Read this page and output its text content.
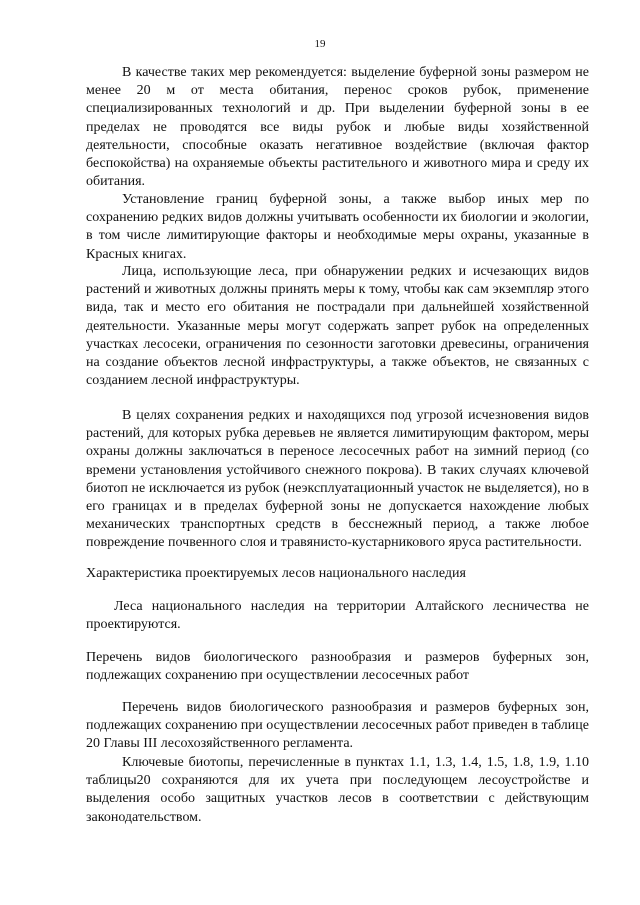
19

В качестве таких мер рекомендуется: выделение буферной зоны размером не менее 20 м от места обитания, перенос сроков рубок, применение специализированных технологий и др. При выделении буферной зоны в ее пределах не проводятся все виды рубок и любые виды хозяйственной деятельности, способные оказать негативное воздействие (включая фактор беспокойства) на охраняемые объекты растительного и животного мира и среду их обитания.

Установление границ буферной зоны, а также выбор иных мер по сохранению редких видов должны учитывать особенности их биологии и экологии, в том числе лимитирующие факторы и необходимые меры охраны, указанные в Красных книгах.

Лица, использующие леса, при обнаружении редких и исчезающих видов растений и животных должны принять меры к тому, чтобы как сам экземпляр этого вида, так и место его обитания не пострадали при дальнейшей хозяйственной деятельности. Указанные меры могут содержать запрет рубок на определенных участках лесосеки, ограничения по сезонности заготовки древесины, ограничения на создание объектов лесной инфраструктуры, а также объектов, не связанных с созданием лесной инфраструктуры.

В целях сохранения редких и находящихся под угрозой исчезновения видов растений, для которых рубка деревьев не является лимитирующим фактором, меры охраны должны заключаться в переносе лесосечных работ на зимний период (со времени установления устойчивого снежного покрова). В таких случаях ключевой биотоп не исключается из рубок (неэксплуатационный участок не выделяется), но в его границах и в пределах буферной зоны не допускается нахождение любых механических транспортных средств в бесснежный период, а также любое повреждение почвенного слоя и травянисто-кустарникового яруса растительности.

Характеристика проектируемых лесов национального наследия

Леса национального наследия на территории Алтайского лесничества не проектируются.

Перечень видов биологического разнообразия и размеров буферных зон, подлежащих сохранению при осуществлении лесосечных работ

Перечень видов биологического разнообразия и размеров буферных зон, подлежащих сохранению при осуществлении лесосечных работ приведен в таблице 20 Главы III лесохозяйственного регламента.

Ключевые биотопы, перечисленные в пунктах 1.1, 1.3, 1.4, 1.5, 1.8, 1.9, 1.10 таблицы20 сохраняются для их учета при последующем лесоустройстве и выделения особо защитных участков лесов в соответствии с действующим законодательством.
